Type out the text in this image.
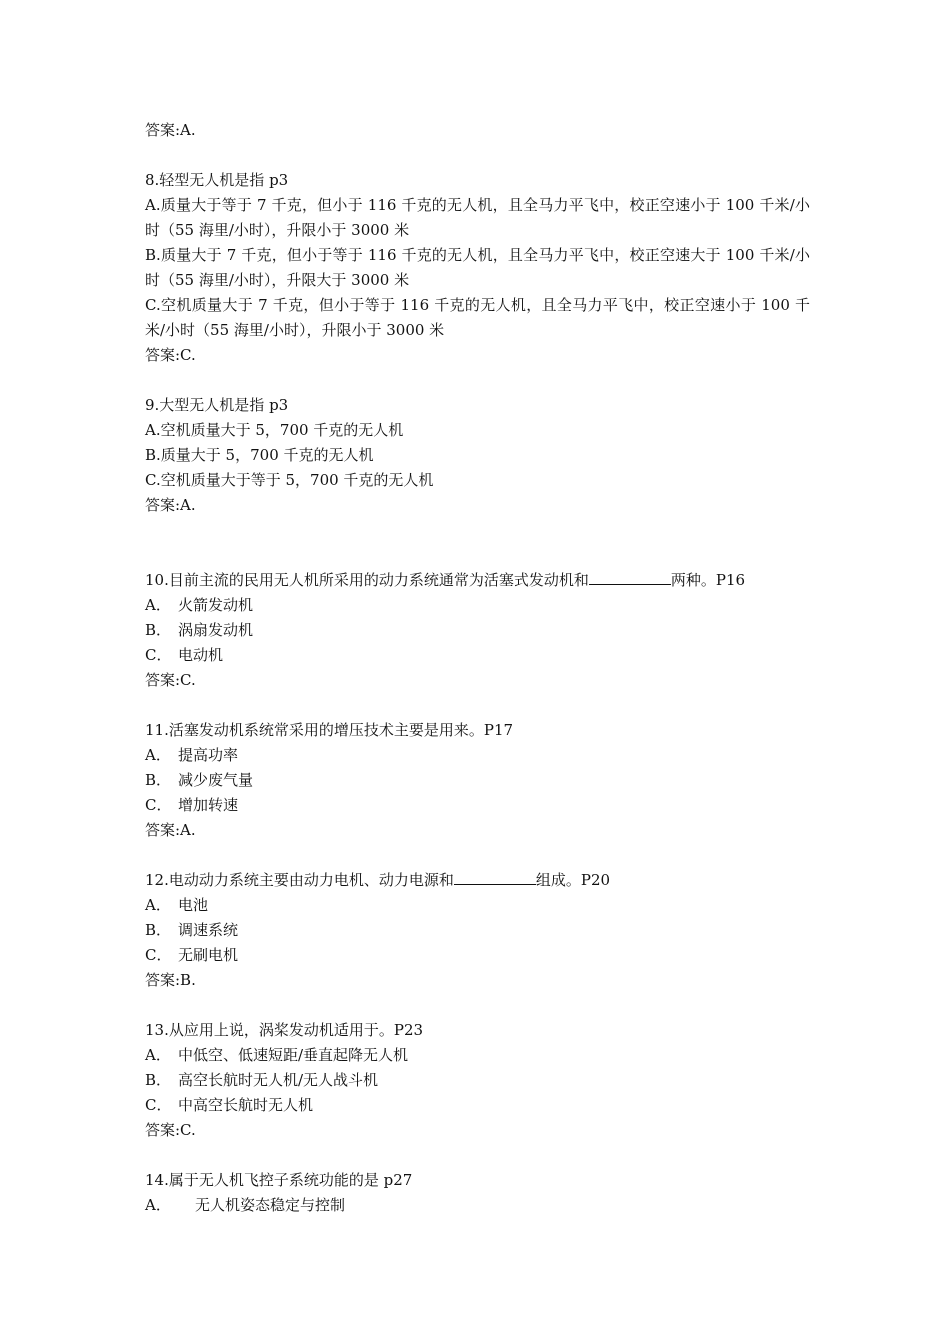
答案:A.
8.轻型无人机是指 p3
A.质量大于等于 7 千克，但小于 116 千克的无人机，且全马力平飞中，校正空速小于 100 千米/小时（55 海里/小时），升限小于 3000 米
B.质量大于 7 千克，但小于等于 116 千克的无人机，且全马力平飞中，校正空速大于 100 千米/小时（55 海里/小时），升限大于 3000 米
C.空机质量大于 7 千克，但小于等于 116 千克的无人机，且全马力平飞中，校正空速小于 100 千米/小时（55 海里/小时），升限小于 3000 米
答案:C.
9.大型无人机是指 p3
A.空机质量大于 5，700 千克的无人机
B.质量大于 5，700 千克的无人机
C.空机质量大于等于 5，700 千克的无人机
答案:A.
10.目前主流的民用无人机所采用的动力系统通常为活塞式发动机和	两种。P16
A． 火箭发动机
B． 涡扇发动机
C． 电动机
答案:C.
11.活塞发动机系统常采用的增压技术主要是用来。P17
A． 提高功率
B． 减少废气量
C． 增加转速
答案:A.
12.电动动力系统主要由动力电机、动力电源和	组成。P20
A． 电池
B． 调速系统
C． 无刷电机
答案:B.
13.从应用上说，涡桨发动机适用于。P23
A． 中低空、低速短距/垂直起降无人机
B． 高空长航时无人机/无人战斗机
C． 中高空长航时无人机
答案:C.
14.属于无人机飞控子系统功能的是 p27
A． 无人机姿态稳定与控制
